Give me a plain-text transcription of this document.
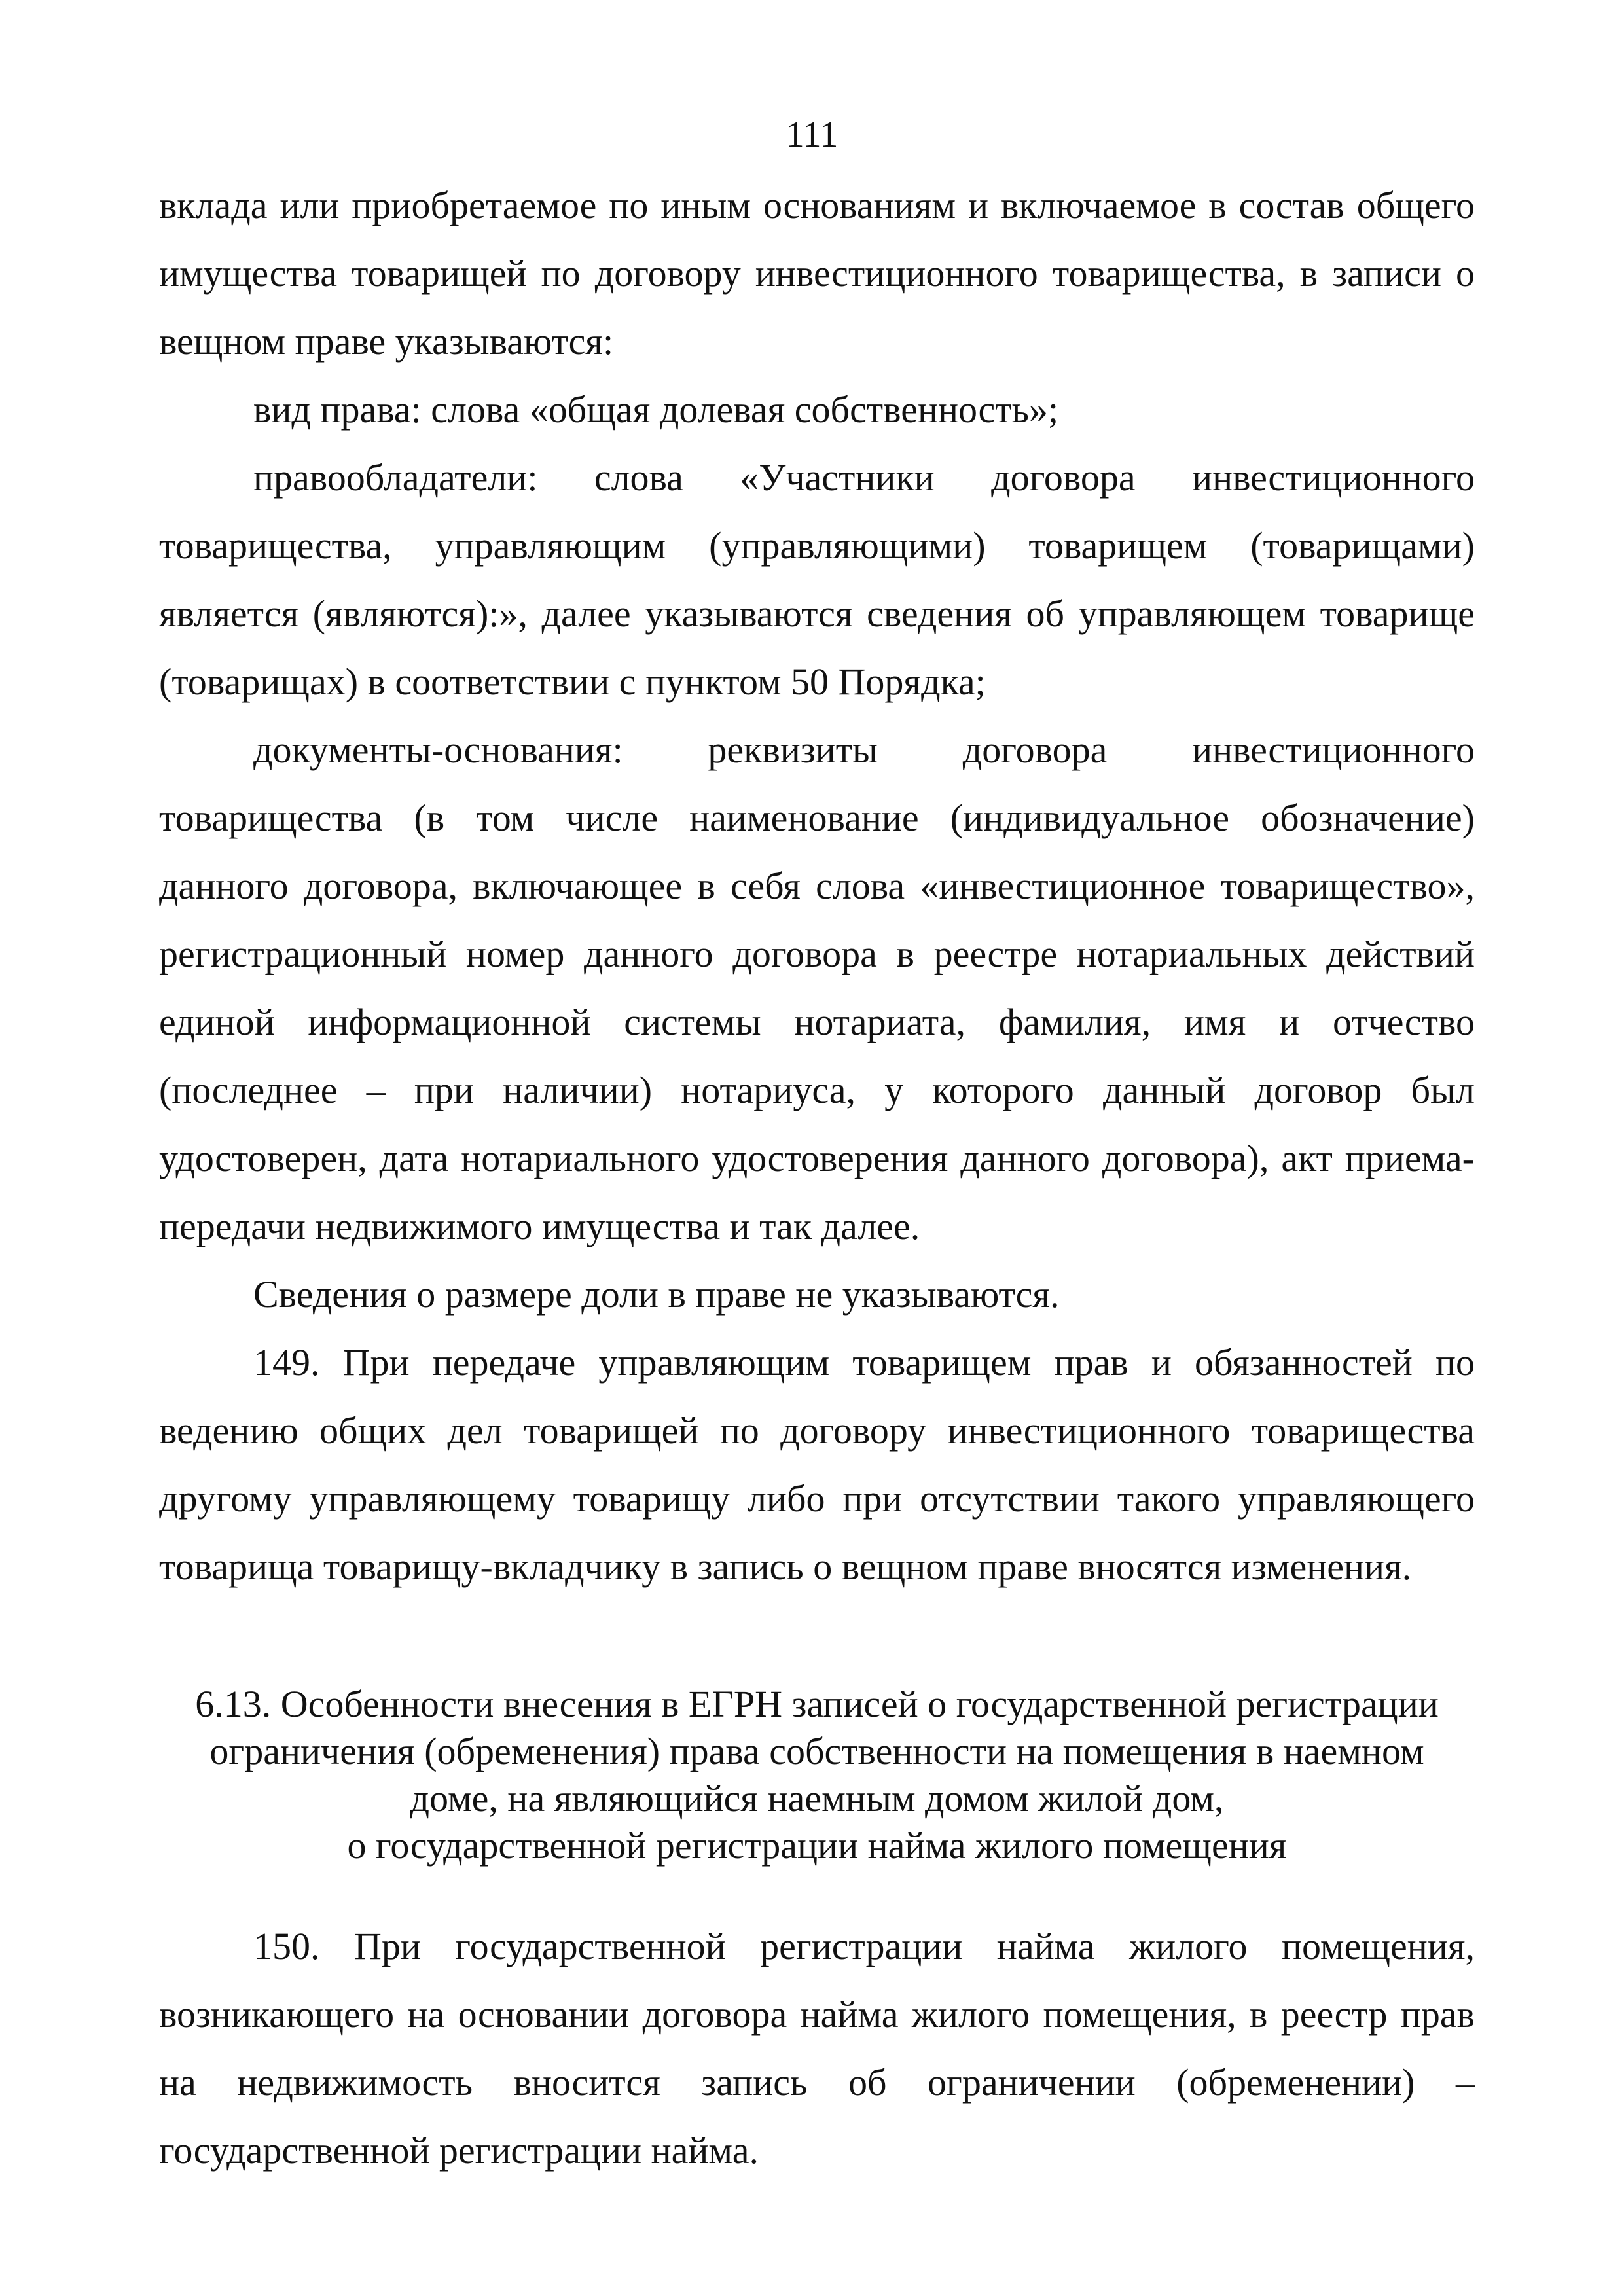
111

вклада или приобретаемое по иным основаниям и включаемое в состав общего имущества товарищей по договору инвестиционного товарищества, в записи о вещном праве указываются:

вид права: слова «общая долевая собственность»;

правообладатели: слова «Участники договора инвестиционного товарищества, управляющим (управляющими) товарищем (товарищами) является (являются):», далее указываются сведения об управляющем товарище (товарищах) в соответствии с пунктом 50 Порядка;

документы-основания: реквизиты договора инвестиционного товарищества (в том числе наименование (индивидуальное обозначение) данного договора, включающее в себя слова «инвестиционное товарищество», регистрационный номер данного договора в реестре нотариальных действий единой информационной системы нотариата, фамилия, имя и отчество (последнее – при наличии) нотариуса, у которого данный договор был удостоверен, дата нотариального удостоверения данного договора), акт приема-передачи недвижимого имущества и так далее.

Сведения о размере доли в праве не указываются.

149. При передаче управляющим товарищем прав и обязанностей по ведению общих дел товарищей по договору инвестиционного товарищества другому управляющему товарищу либо при отсутствии такого управляющего товарища товарищу-вкладчику в запись о вещном праве вносятся изменения.

6.13. Особенности внесения в ЕГРН записей о государственной регистрации
ограничения (обременения) права собственности на помещения в наемном
доме, на являющийся наемным домом жилой дом,
о государственной регистрации найма жилого помещения

150. При государственной регистрации найма жилого помещения, возникающего на основании договора найма жилого помещения, в реестр прав на недвижимость вносится запись об ограничении (обременении) – государственной регистрации найма.
